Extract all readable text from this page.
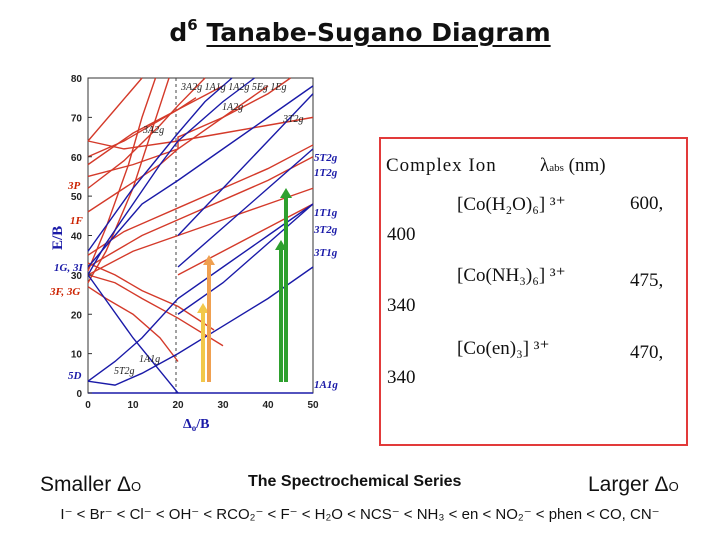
$d^6$ Tanabe-Sugano Diagram
0
10
20
30
40
50
60
70
80
0	10	20	30	40	50
E/B
$\Delta_o/B$
3A2g 1A1g 1A2g 5Eg 1Eg
3P
1F
1G, 3I
3F, 3G
5D
1A2g
3T2g
3A2g
5T2g
1A1g
5T2g
1T2g
1T1g
3T2g
3T1g
1A1g
Complex Ion λabs (nm)
[Co(H₂O)₆] ³⁺	600,
400
[Co(NH₃)₆] ³⁺	475,
340
[Co(en)₃] ³⁺	470,
340
Smaller ΔO	The Spectrochemical Series	Larger ΔO
I⁻ < Br⁻ < Cl⁻ < OH⁻ < RCO₂⁻ < F⁻ < H₂O < NCS⁻ < NH₃ < en < NO₂⁻ < phen < CO, CN⁻
